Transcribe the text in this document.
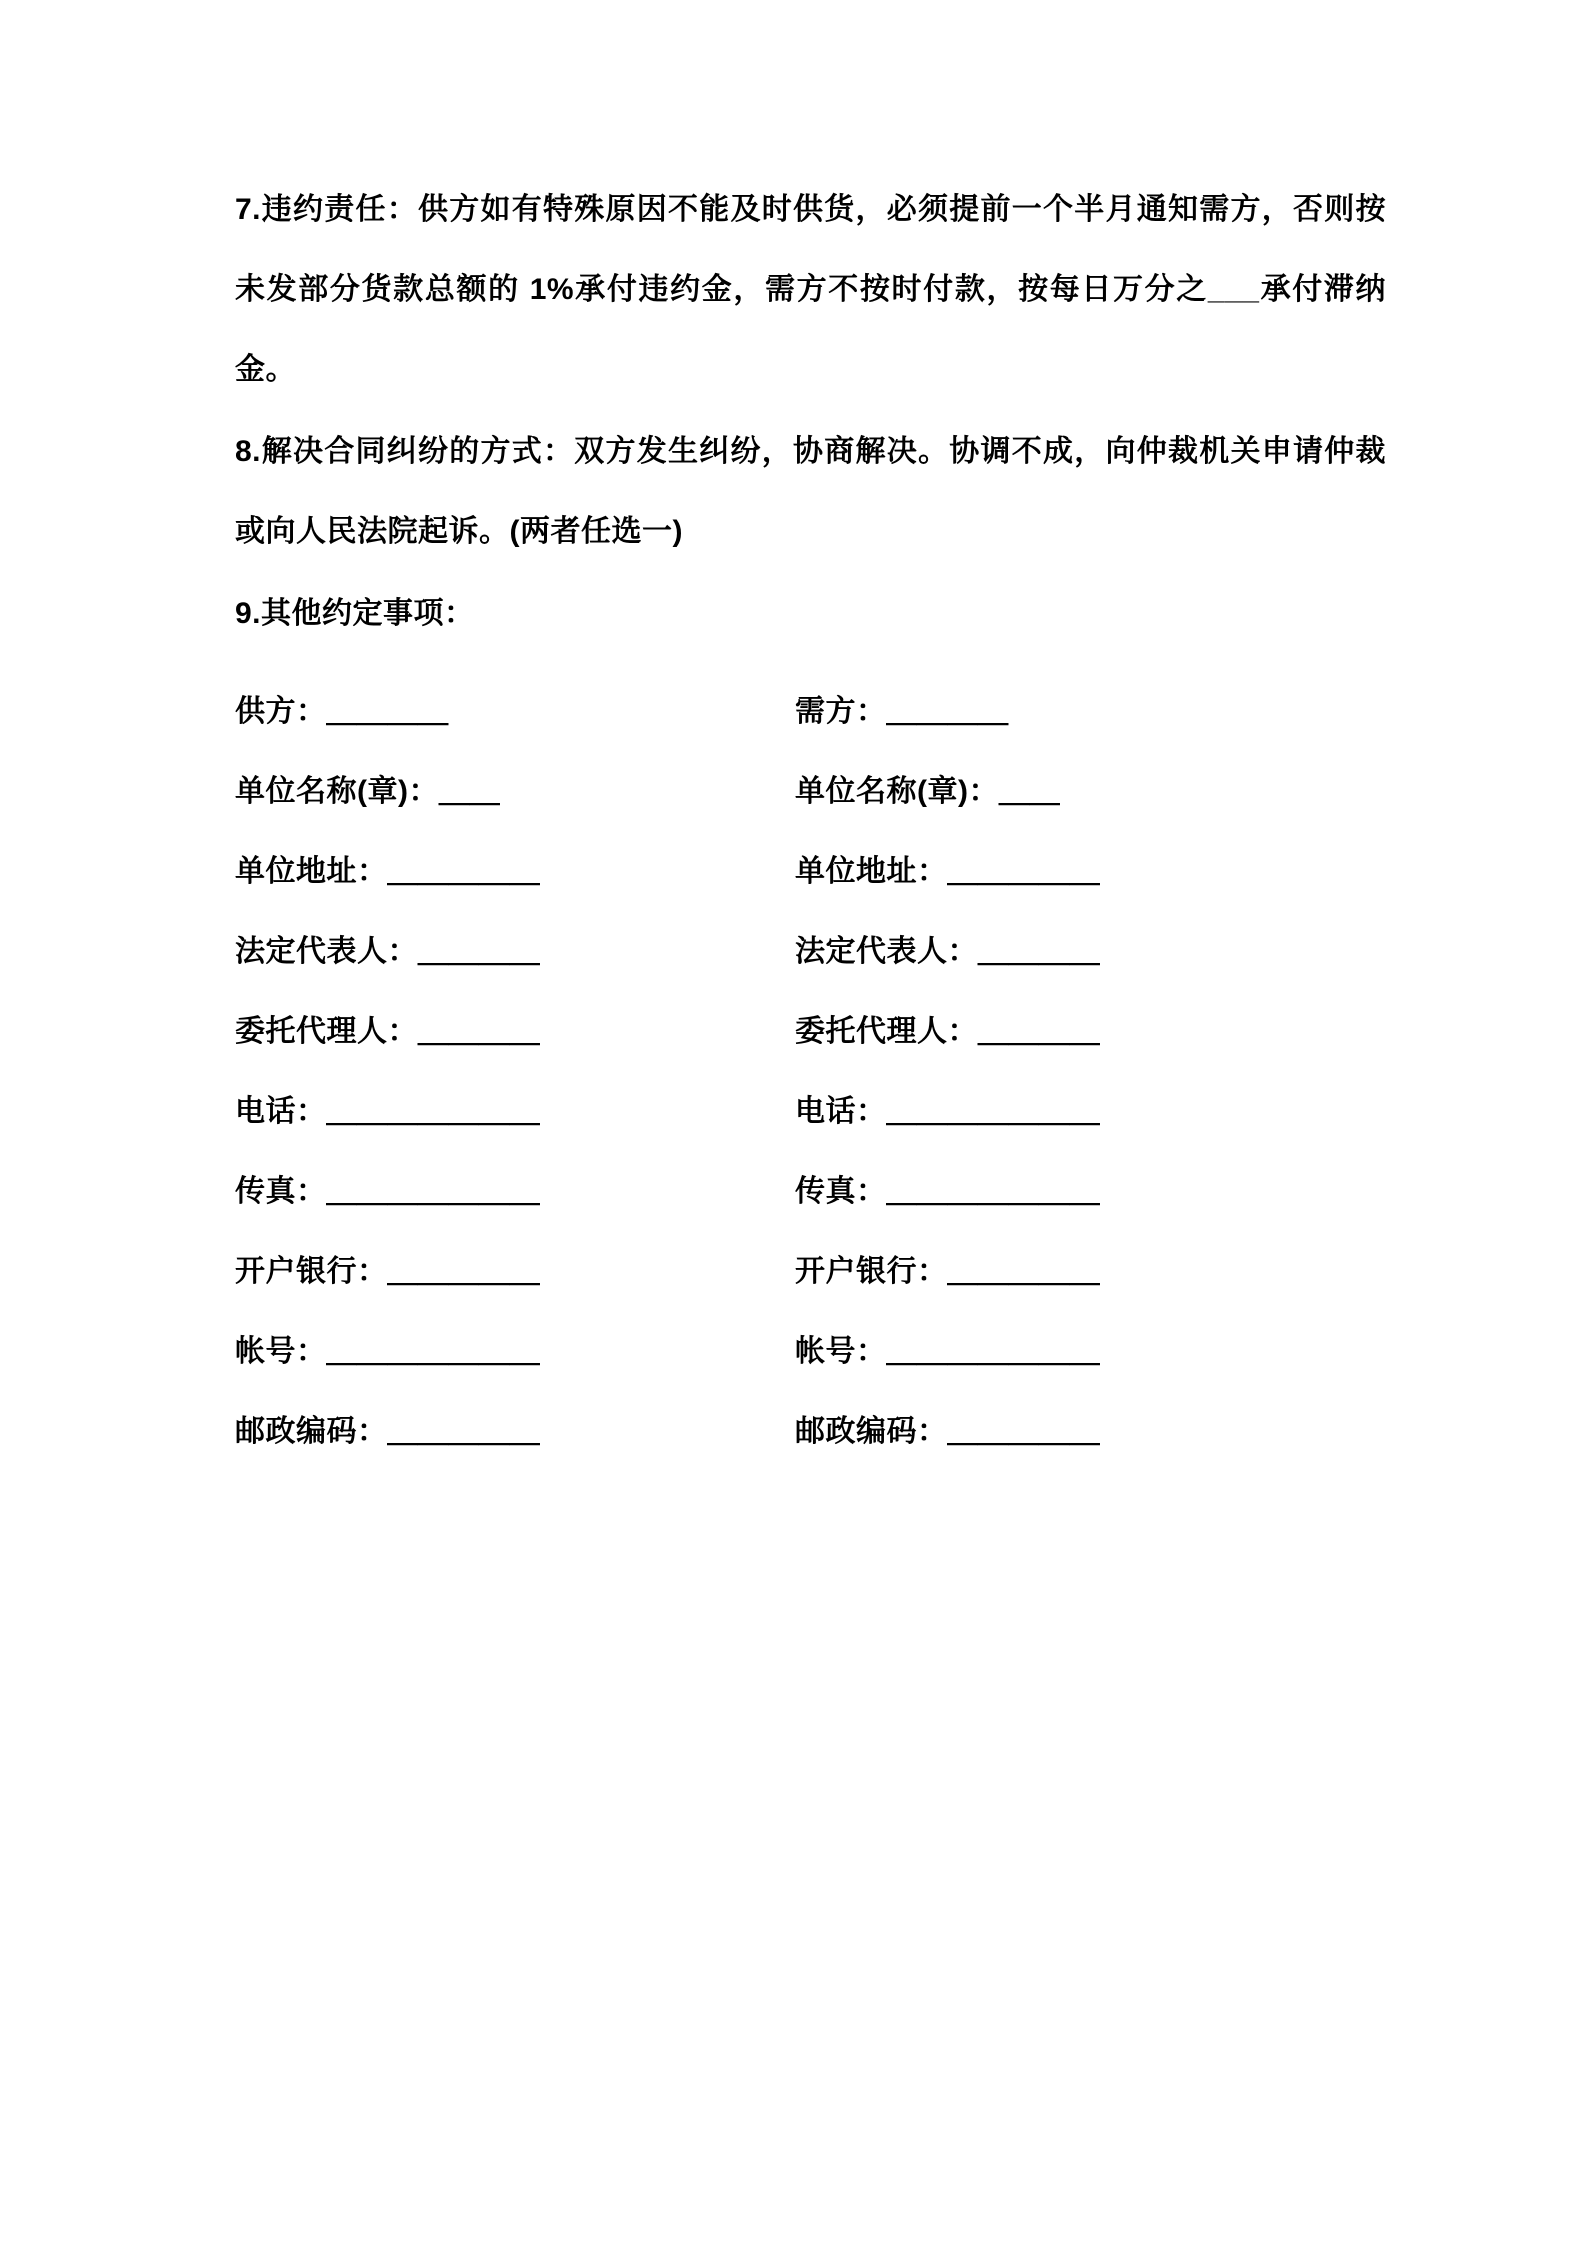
7.违约责任：供方如有特殊原因不能及时供货，必须提前一个半月通知需方，否则按未发部分货款总额的 1%承付违约金，需方不按时付款，按每日万分之___承付滞纳金。

8.解决合同纠纷的方式：双方发生纠纷，协商解决。协调不成，向仲裁机关申请仲裁或向人民法院起诉。(两者任选一)

9.其他约定事项：

供方：＿＿＿＿	需方：＿＿＿＿
单位名称(章)：＿＿	单位名称(章)：＿＿
单位地址：＿＿＿＿＿	单位地址：＿＿＿＿＿
法定代表人：＿＿＿＿	法定代表人：＿＿＿＿
委托代理人：＿＿＿＿	委托代理人：＿＿＿＿
电话：＿＿＿＿＿＿＿	电话：＿＿＿＿＿＿＿
传真：＿＿＿＿＿＿＿	传真：＿＿＿＿＿＿＿
开户银行：＿＿＿＿＿	开户银行：＿＿＿＿＿
帐号：＿＿＿＿＿＿＿	帐号：＿＿＿＿＿＿＿
邮政编码：＿＿＿＿＿	邮政编码：＿＿＿＿＿
